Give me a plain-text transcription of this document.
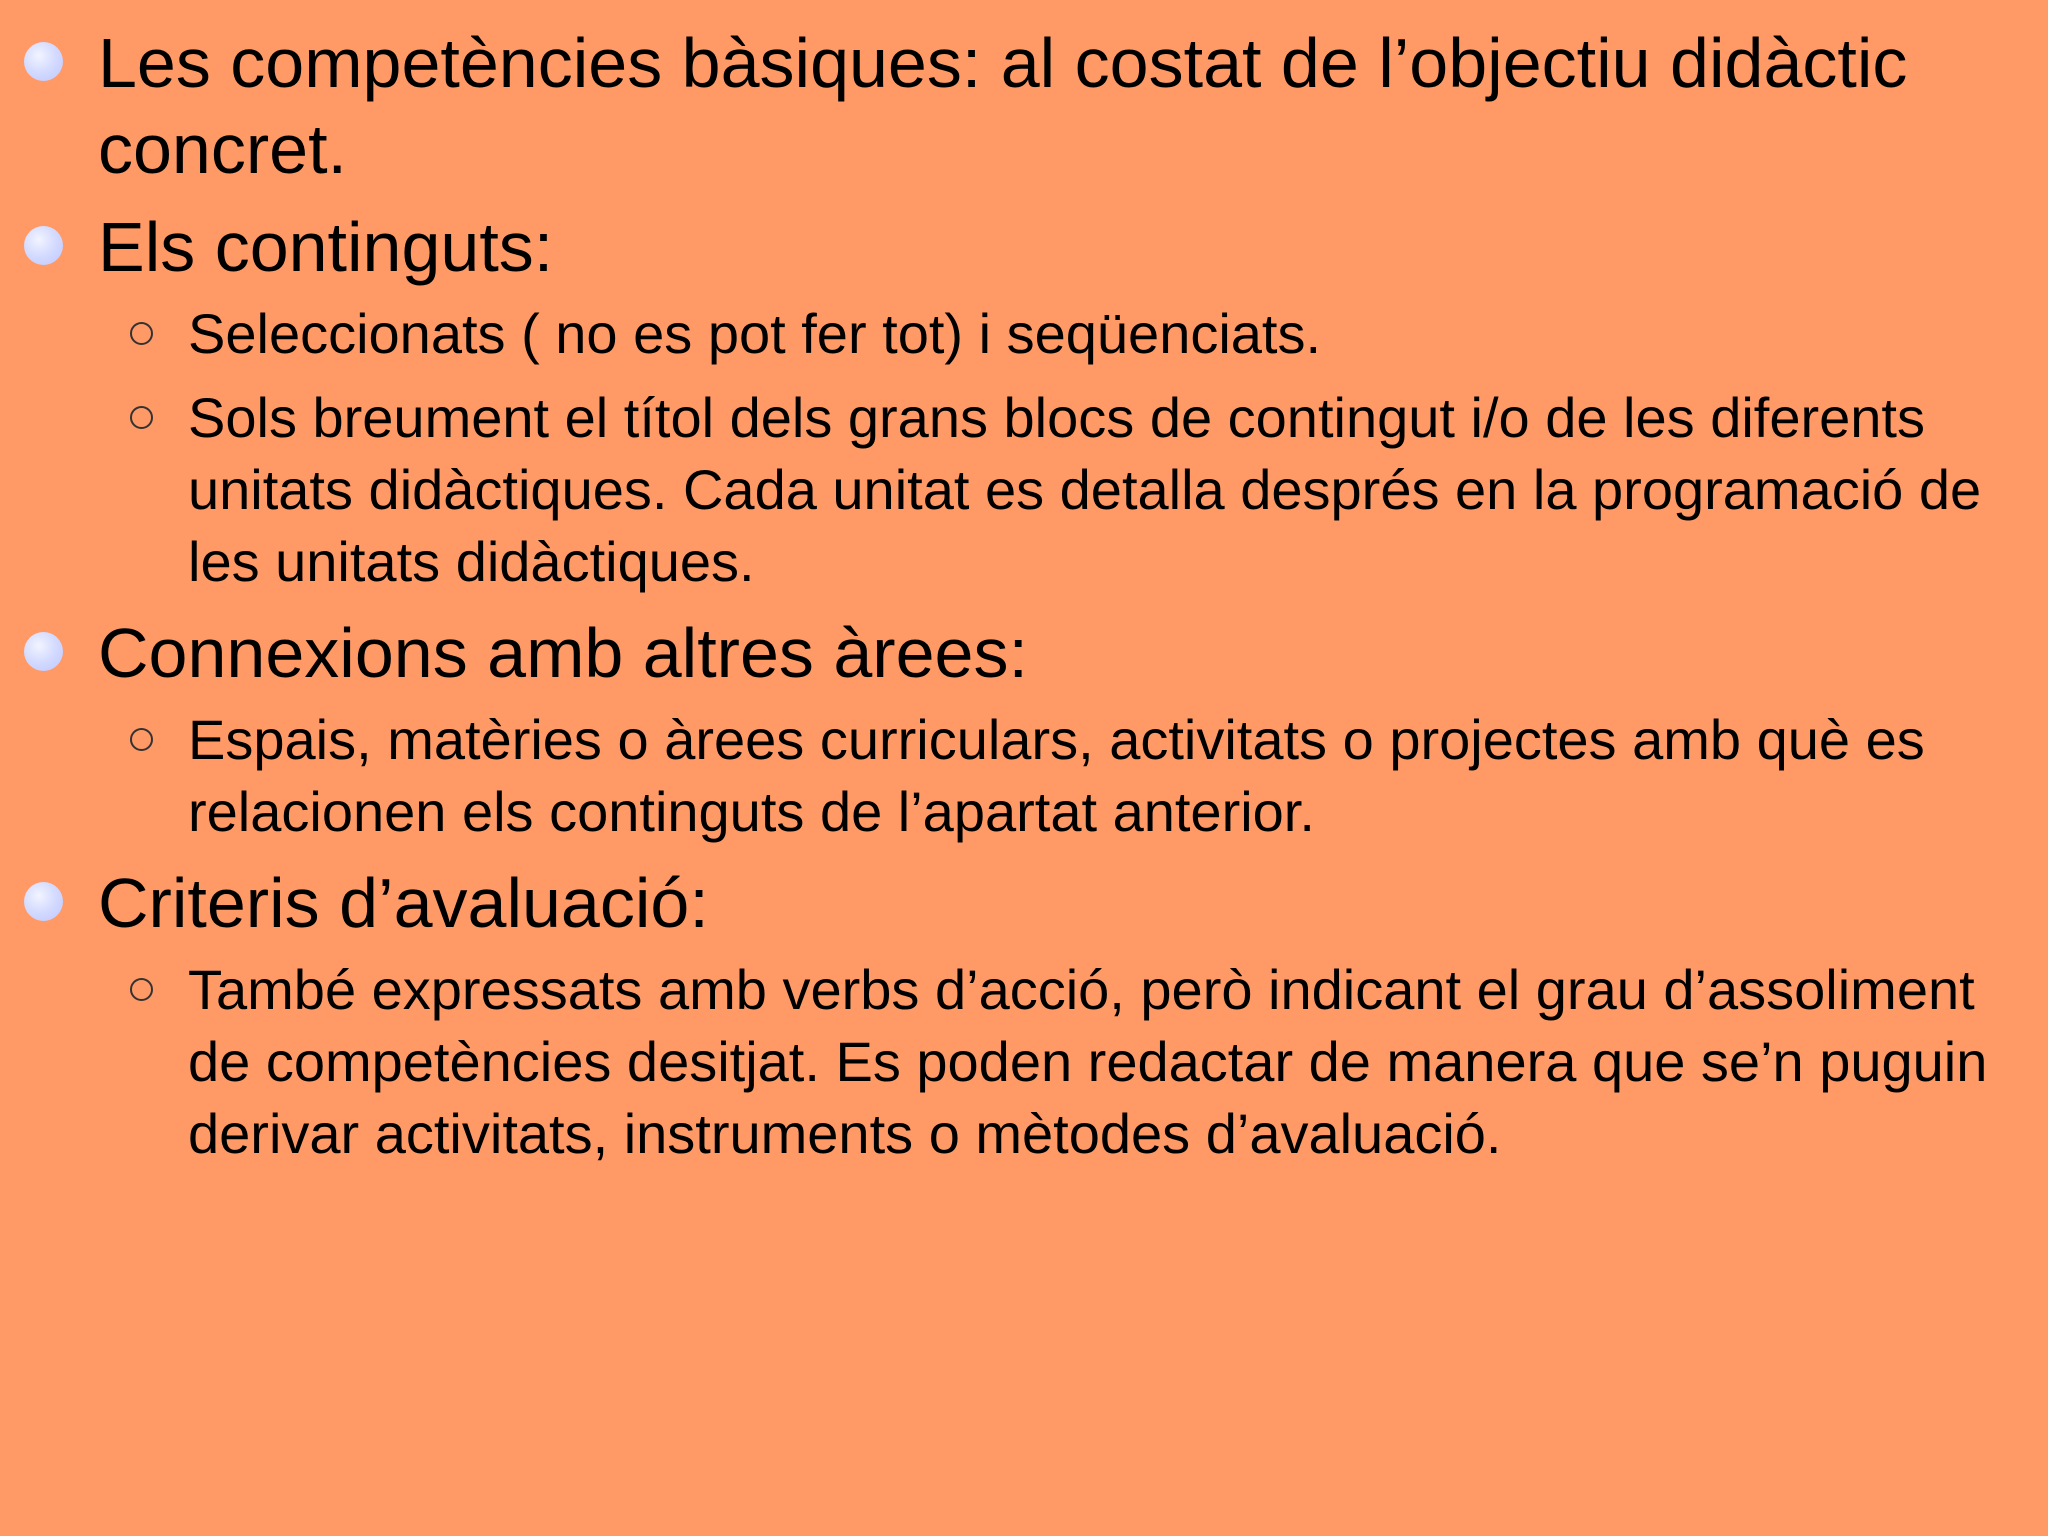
Les competències bàsiques: al costat de l’objectiu didàctic concret.
Els continguts:
Seleccionats ( no es pot fer tot) i seqüenciats.
Sols breument el títol dels grans blocs de contingut i/o de les diferents unitats didàctiques. Cada unitat es detalla després en la programació de les unitats didàctiques.
Connexions amb altres àrees:
Espais, matèries o àrees curriculars, activitats o projectes amb què es relacionen els continguts de l’apartat anterior.
Criteris d’avaluació:
També expressats amb verbs d’acció, però indicant el grau d’assoliment de competències desitjat. Es poden redactar de manera que se’n puguin derivar activitats, instruments o mètodes d’avaluació.
